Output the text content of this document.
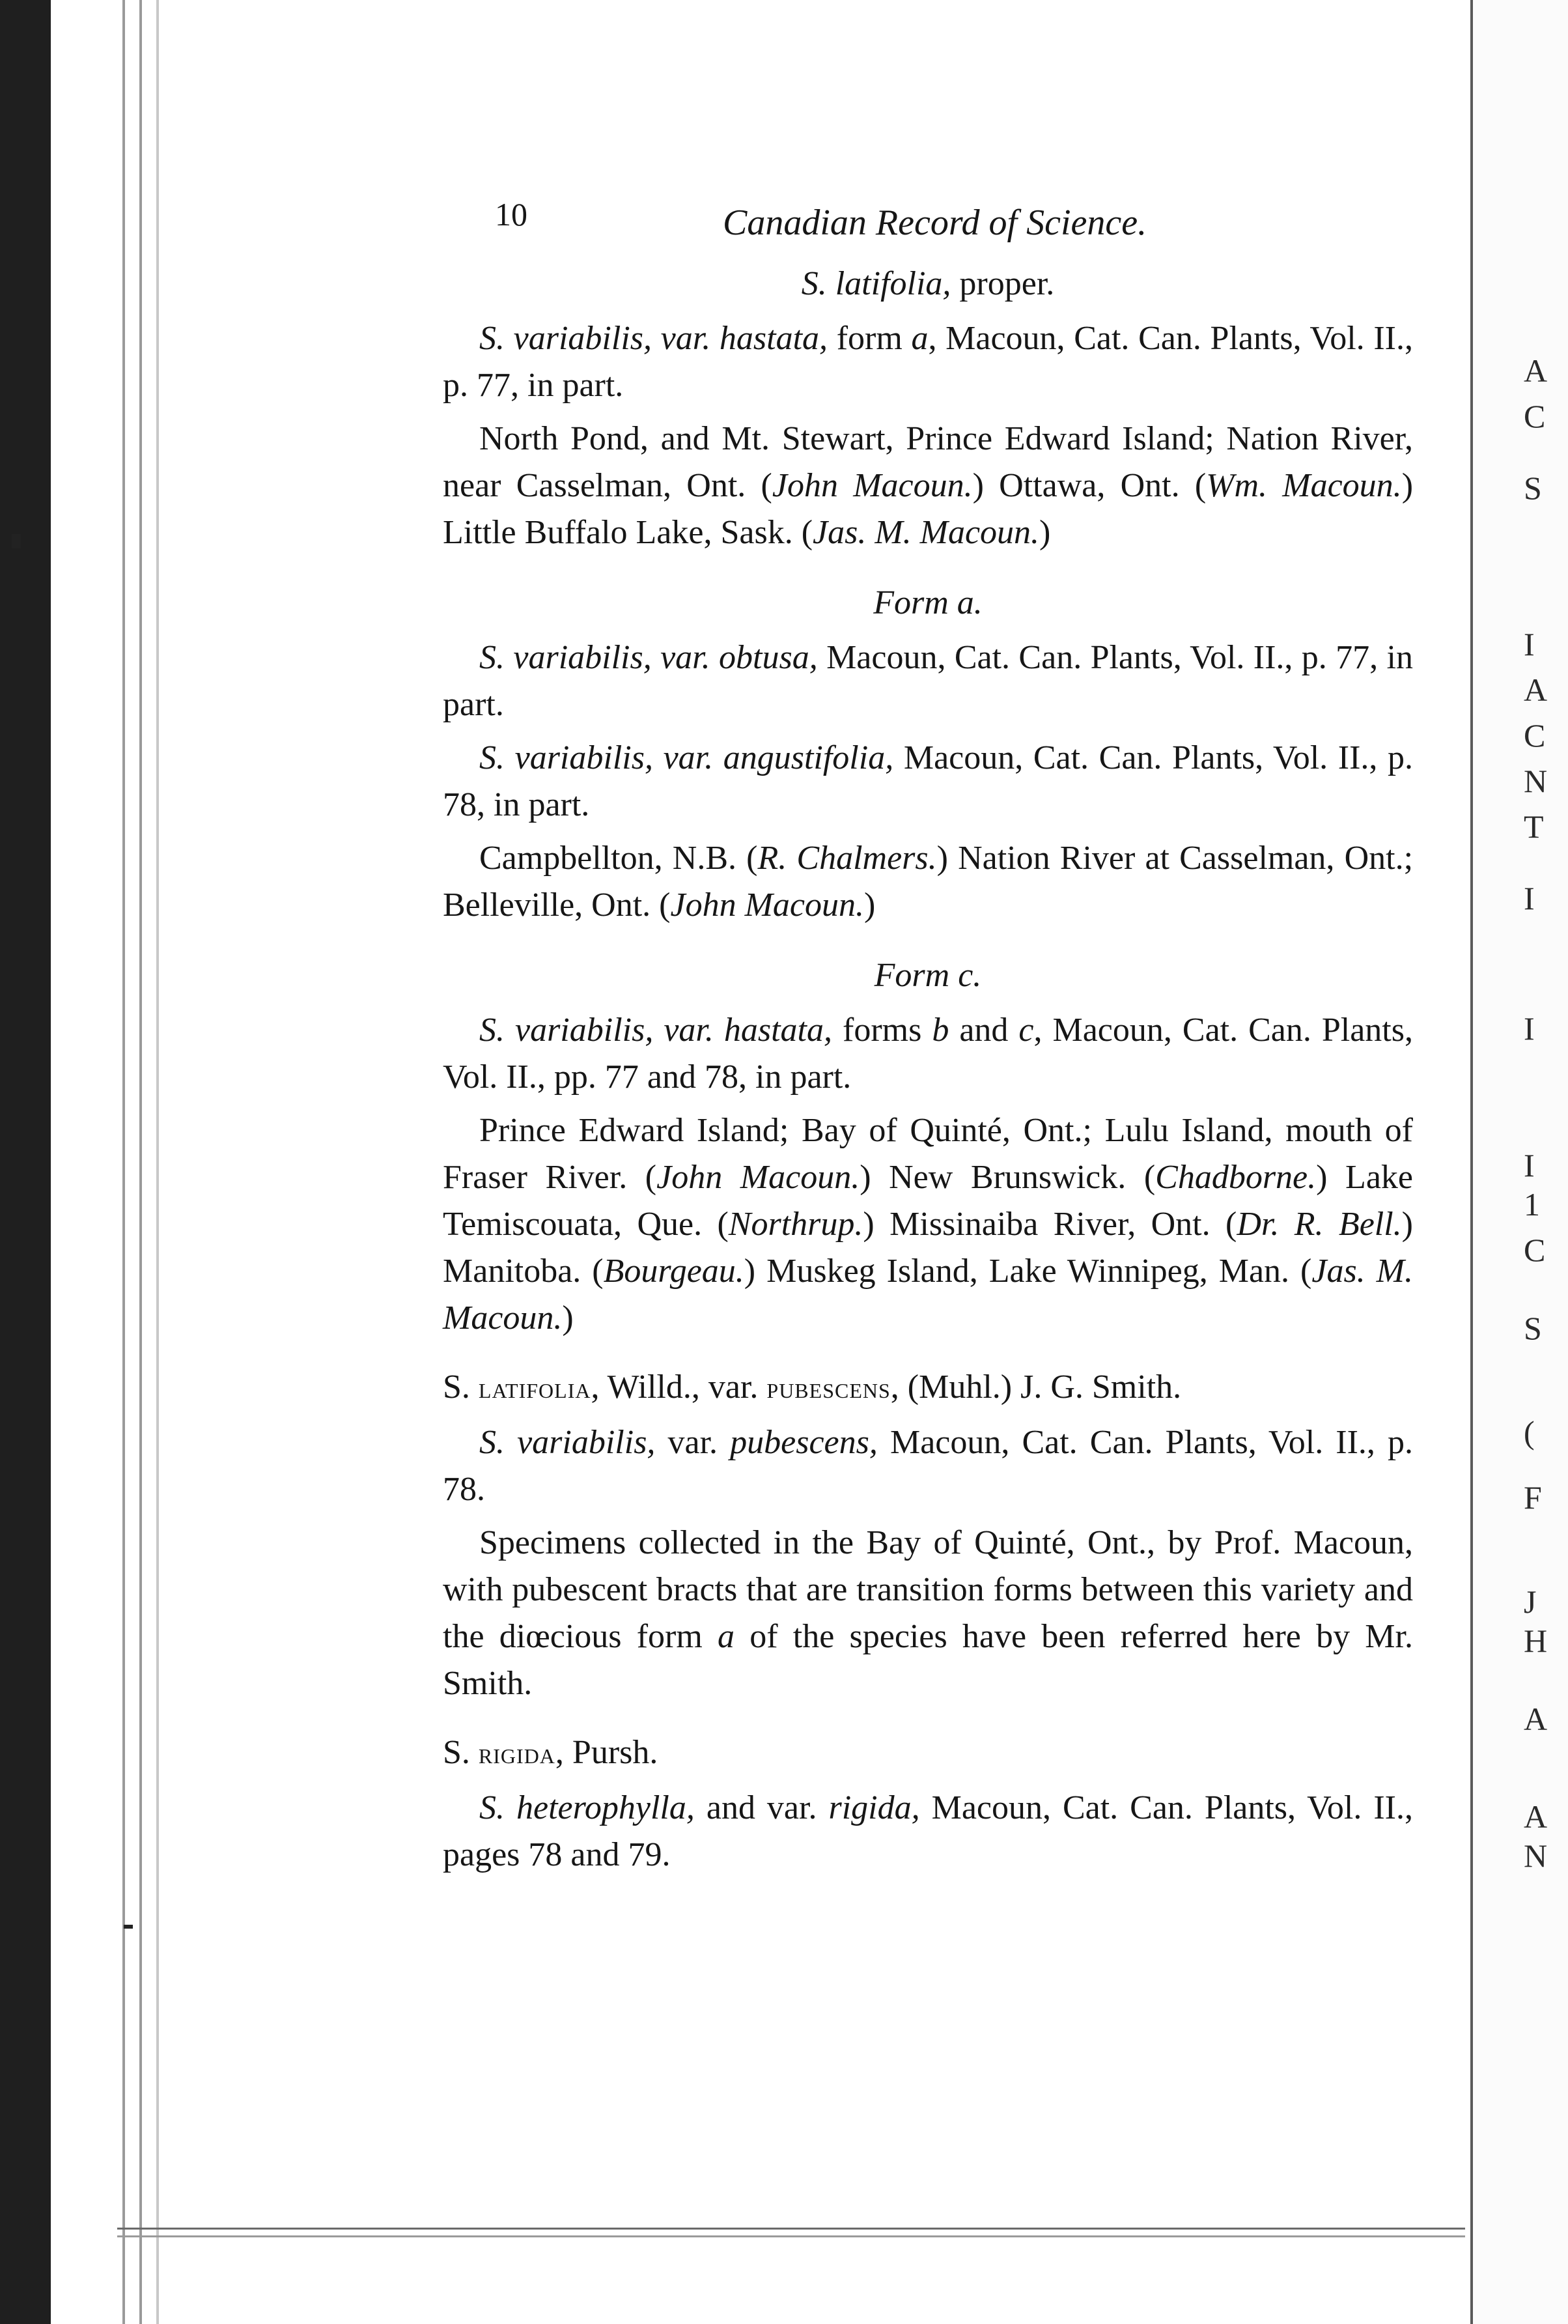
A
C
S
I
A
C
N
T
I
I
I
1
C
S
(
F
J
H
A
A
N
10	Canadian Record of Science.

S. latifolia, proper.

S. variabilis, var. hastata, form a, Macoun, Cat. Can. Plants, Vol. II., p. 77, in part.

North Pond, and Mt. Stewart, Prince Edward Island; Nation River, near Casselman, Ont. (John Macoun.) Ottawa, Ont. (Wm. Macoun.) Little Buffalo Lake, Sask. (Jas. M. Macoun.)

Form a.

S. variabilis, var. obtusa, Macoun, Cat. Can. Plants, Vol. II., p. 77, in part.

S. variabilis, var. angustifolia, Macoun, Cat. Can. Plants, Vol. II., p. 78, in part.

Campbellton, N.B. (R. Chalmers.) Nation River at Casselman, Ont.; Belleville, Ont. (John Macoun.)

Form c.

S. variabilis, var. hastata, forms b and c, Macoun, Cat. Can. Plants, Vol. II., pp. 77 and 78, in part.

Prince Edward Island; Bay of Quinté, Ont.; Lulu Island, mouth of Fraser River. (John Macoun.) New Brunswick. (Chadborne.) Lake Temiscouata, Que. (Northrup.) Missinaiba River, Ont. (Dr. R. Bell.) Manitoba. (Bourgeau.) Muskeg Island, Lake Winnipeg, Man. (Jas. M. Macoun.)

S. latifolia, Willd., var. pubescens, (Muhl.) J. G. Smith.

S. variabilis, var. pubescens, Macoun, Cat. Can. Plants, Vol. II., p. 78.

Specimens collected in the Bay of Quinté, Ont., by Prof. Macoun, with pubescent bracts that are transition forms between this variety and the diœcious form a of the species have been referred here by Mr. Smith.

S. rigida, Pursh.

S. heterophylla, and var. rigida, Macoun, Cat. Can. Plants, Vol. II., pages 78 and 79.
